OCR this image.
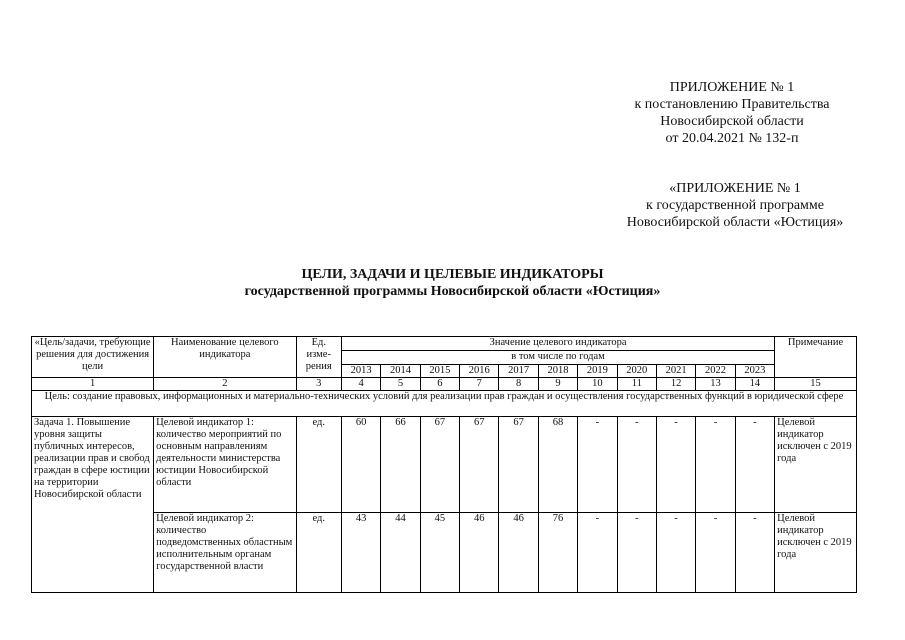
ПРИЛОЖЕНИЕ № 1
к постановлению Правительства
Новосибирской области
от 20.04.2021 № 132-п
«ПРИЛОЖЕНИЕ № 1
к государственной программе
Новосибирской области «Юстиция»
ЦЕЛИ, ЗАДАЧИ И ЦЕЛЕВЫЕ ИНДИКАТОРЫ
государственной программы Новосибирской области «Юстиция»
«Цель/задачи, требующие решения для достижения цели	Наименование целевого индикатора	Ед. изме-рения	Значение целевого индикатора											Примечание
			в том числе по годам											
			2013	2014	2015	2016	2017	2018	2019	2020	2021	2022	2023	
1	2	3	4	5	6	7	8	9	10	11	12	13	14	15
Цель: создание правовых, информационных и материально-технических условий для реализации прав граждан и осуществления государственных функций в юридической сфере														
Задача 1. Повышение уровня защиты публичных интересов, реализации прав и свобод граждан в сфере юстиции на территории Новосибирской области	Целевой индикатор 1: количество мероприятий по основным направлениям деятельности министерства юстиции Новосибирской области	ед.	60	66	67	67	67	68	-	-	-	-	-	Целевой индикатор исключен с 2019 года
	Целевой индикатор 2: количество подведомственных областным исполнительным органам государственной власти	ед.	43	44	45	46	46	76	-	-	-	-	-	Целевой индикатор исключен с 2019 года
